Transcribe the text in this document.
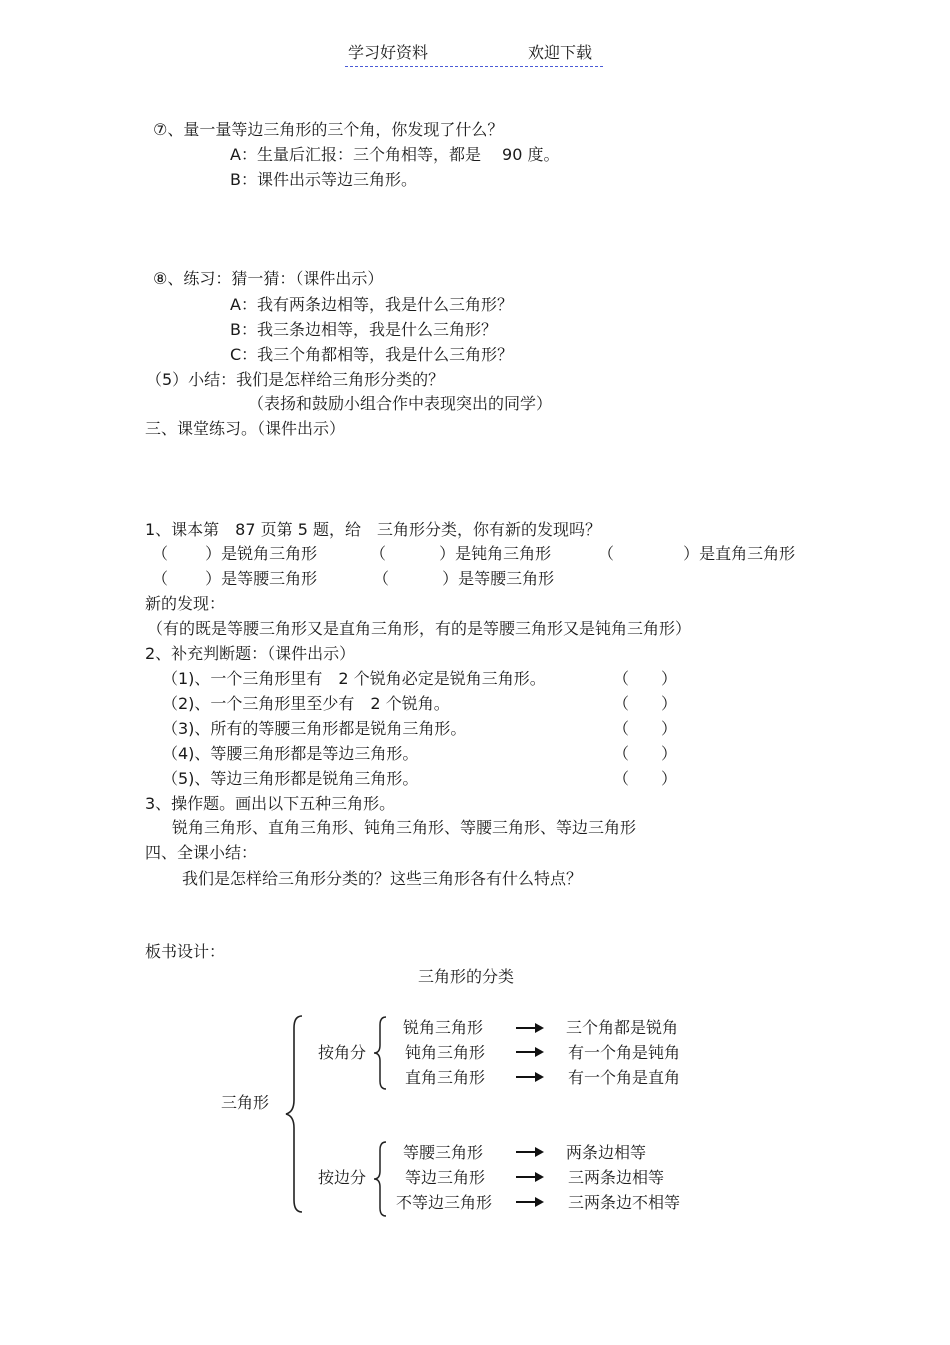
学习好资料	欢迎下载
⑦、量一量等边三角形的三个角，你发现了什么？
A：生量后汇报：三个角相等，都是　 90 度。
B：课件出示等边三角形。
⑧、练习：猜一猜：（课件出示）
A：我有两条边相等，我是什么三角形？
B：我三条边相等，我是什么三角形？
C：我三个角都相等，我是什么三角形？
（5）小结：我们是怎样给三角形分类的？
（表扬和鼓励小组合作中表现突出的同学）
三、课堂练习。（课件出示）
1、课本第　87 页第 5 题，给　三角形分类，你有新的发现吗？
（　　 ）是锐角三角形	（　　　 ）是钝角三角形	（　　　　 ）是直角三角形
（　　 ）是等腰三角形	（　　　 ）是等腰三角形
新的发现：
（有的既是等腰三角形又是直角三角形，有的是等腰三角形又是钝角三角形）
2、补充判断题：（课件出示）
（1)、一个三角形里有　2 个锐角必定是锐角三角形。	（　　）
（2)、一个三角形里至少有　2 个锐角。	（　　）
（3)、所有的等腰三角形都是锐角三角形。	（　　）
（4)、等腰三角形都是等边三角形。	（　　）
（5)、等边三角形都是锐角三角形。	（　　）
3、操作题。画出以下五种三角形。
锐角三角形、直角三角形、钝角三角形、等腰三角形、等边三角形
四、全课小结：
我们是怎样给三角形分类的？这些三角形各有什么特点？
板书设计：
三角形的分类
三角形
按角分
锐角三角形	三个角都是锐角
钝角三角形	有一个角是钝角
直角三角形	有一个角是直角
按边分
等腰三角形	两条边相等
等边三角形	三两条边相等
不等边三角形	三两条边不相等
